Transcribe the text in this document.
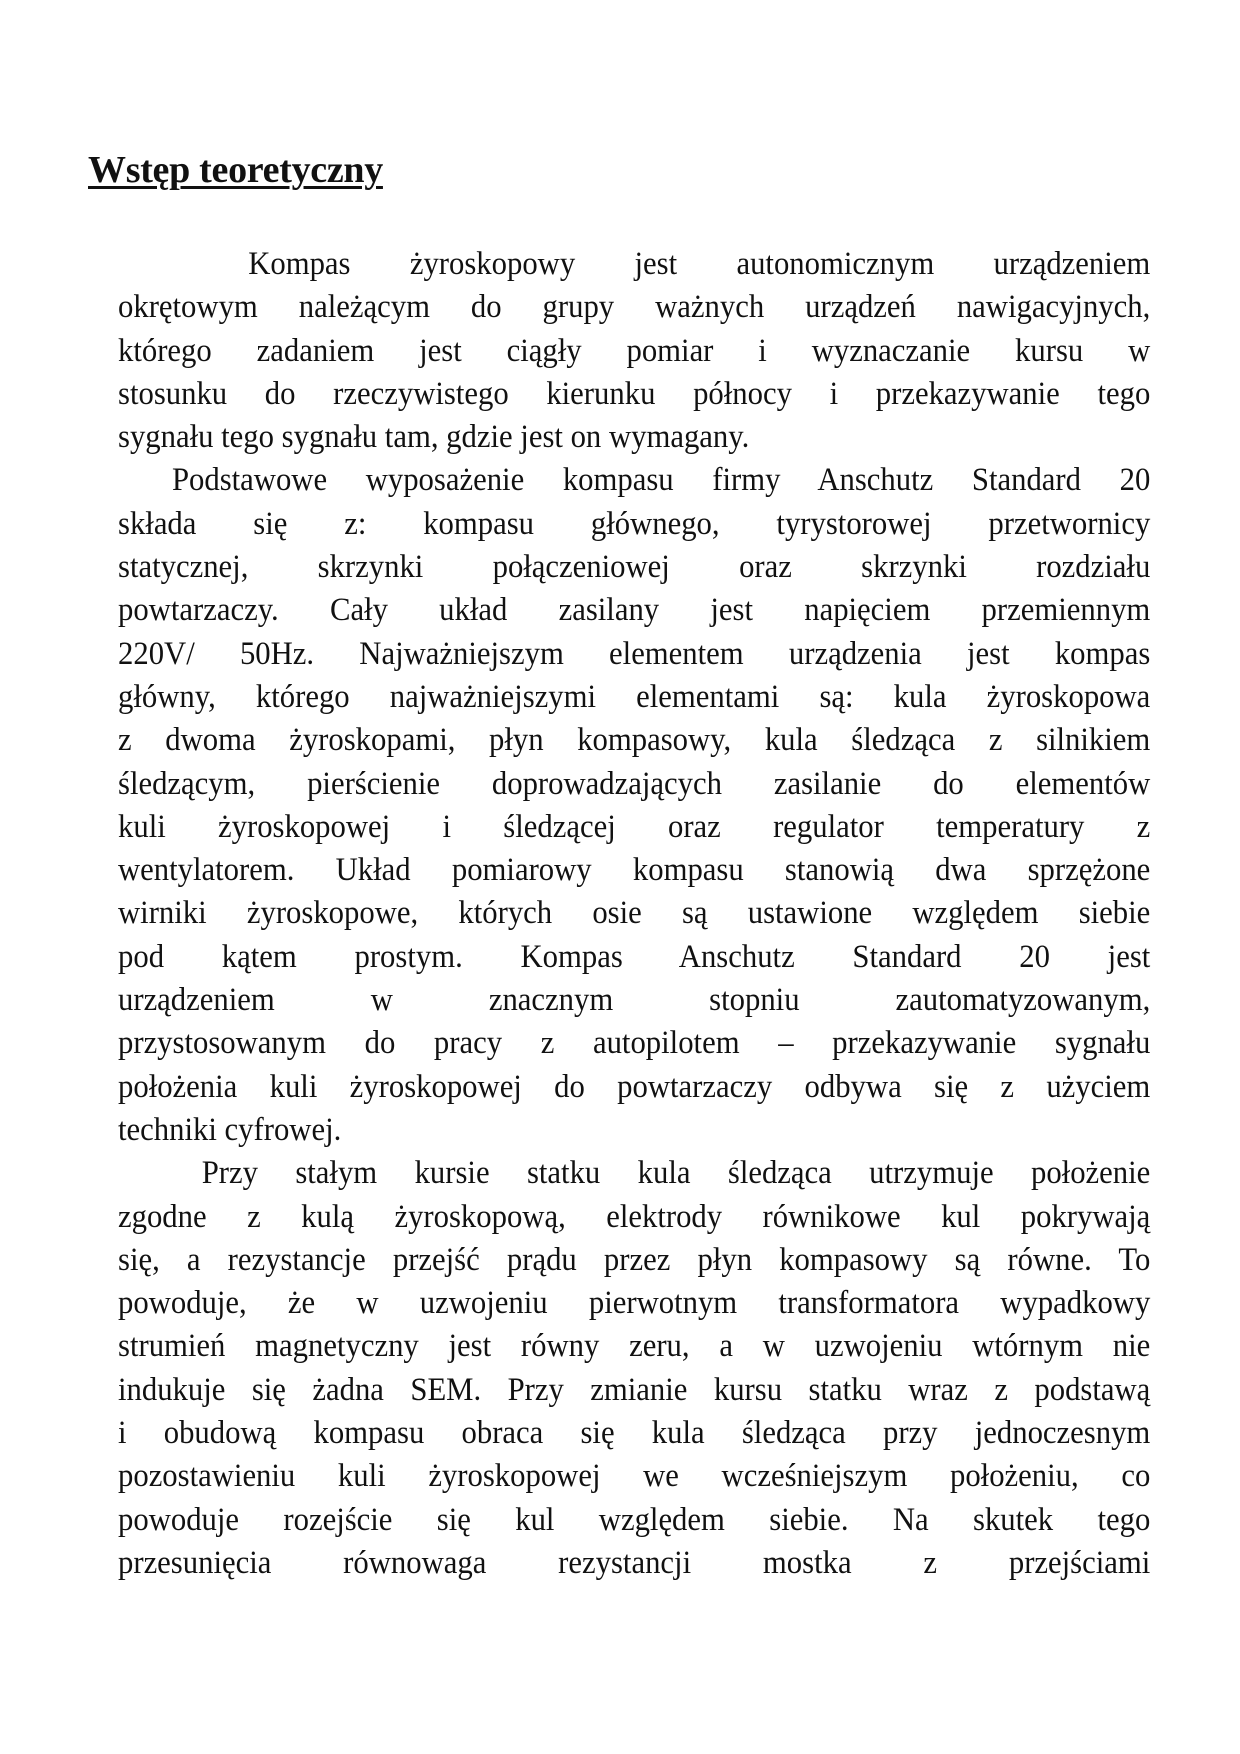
Wstęp teoretyczny
Kompas żyroskopowy jest autonomicznym urządzeniem
okrętowym należącym do grupy ważnych urządzeń nawigacyjnych,
którego zadaniem jest ciągły pomiar i wyznaczanie kursu w
stosunku do rzeczywistego kierunku północy i przekazywanie tego
sygnału tego sygnału tam, gdzie jest on wymagany.
Podstawowe wyposażenie kompasu firmy Anschutz Standard 20
składa się z: kompasu głównego, tyrystorowej przetwornicy
statycznej, skrzynki połączeniowej oraz skrzynki rozdziału
powtarzaczy. Cały układ zasilany jest napięciem przemiennym
220V/ 50Hz. Najważniejszym elementem urządzenia jest kompas
główny, którego najważniejszymi elementami są: kula żyroskopowa
z dwoma żyroskopami, płyn kompasowy, kula śledząca z silnikiem
śledzącym, pierścienie doprowadzających zasilanie do elementów
kuli żyroskopowej i śledzącej oraz regulator temperatury z
wentylatorem. Układ pomiarowy kompasu stanowią dwa sprzężone
wirniki żyroskopowe, których osie są ustawione względem siebie
pod kątem prostym. Kompas Anschutz Standard 20 jest
urządzeniem w znacznym stopniu zautomatyzowanym,
przystosowanym do pracy z autopilotem – przekazywanie sygnału
położenia kuli żyroskopowej do powtarzaczy odbywa się z użyciem
techniki cyfrowej.
Przy stałym kursie statku kula śledząca utrzymuje położenie
zgodne z kulą żyroskopową, elektrody równikowe kul pokrywają
się, a rezystancje przejść prądu przez płyn kompasowy są równe. To
powoduje, że w uzwojeniu pierwotnym transformatora wypadkowy
strumień magnetyczny jest równy zeru, a w uzwojeniu wtórnym nie
indukuje się żadna SEM. Przy zmianie kursu statku wraz z podstawą
i obudową kompasu obraca się kula śledząca przy jednoczesnym
pozostawieniu kuli żyroskopowej we wcześniejszym położeniu, co
powoduje rozejście się kul względem siebie. Na skutek tego
przesunięcia równowaga rezystancji mostka z przejściami
